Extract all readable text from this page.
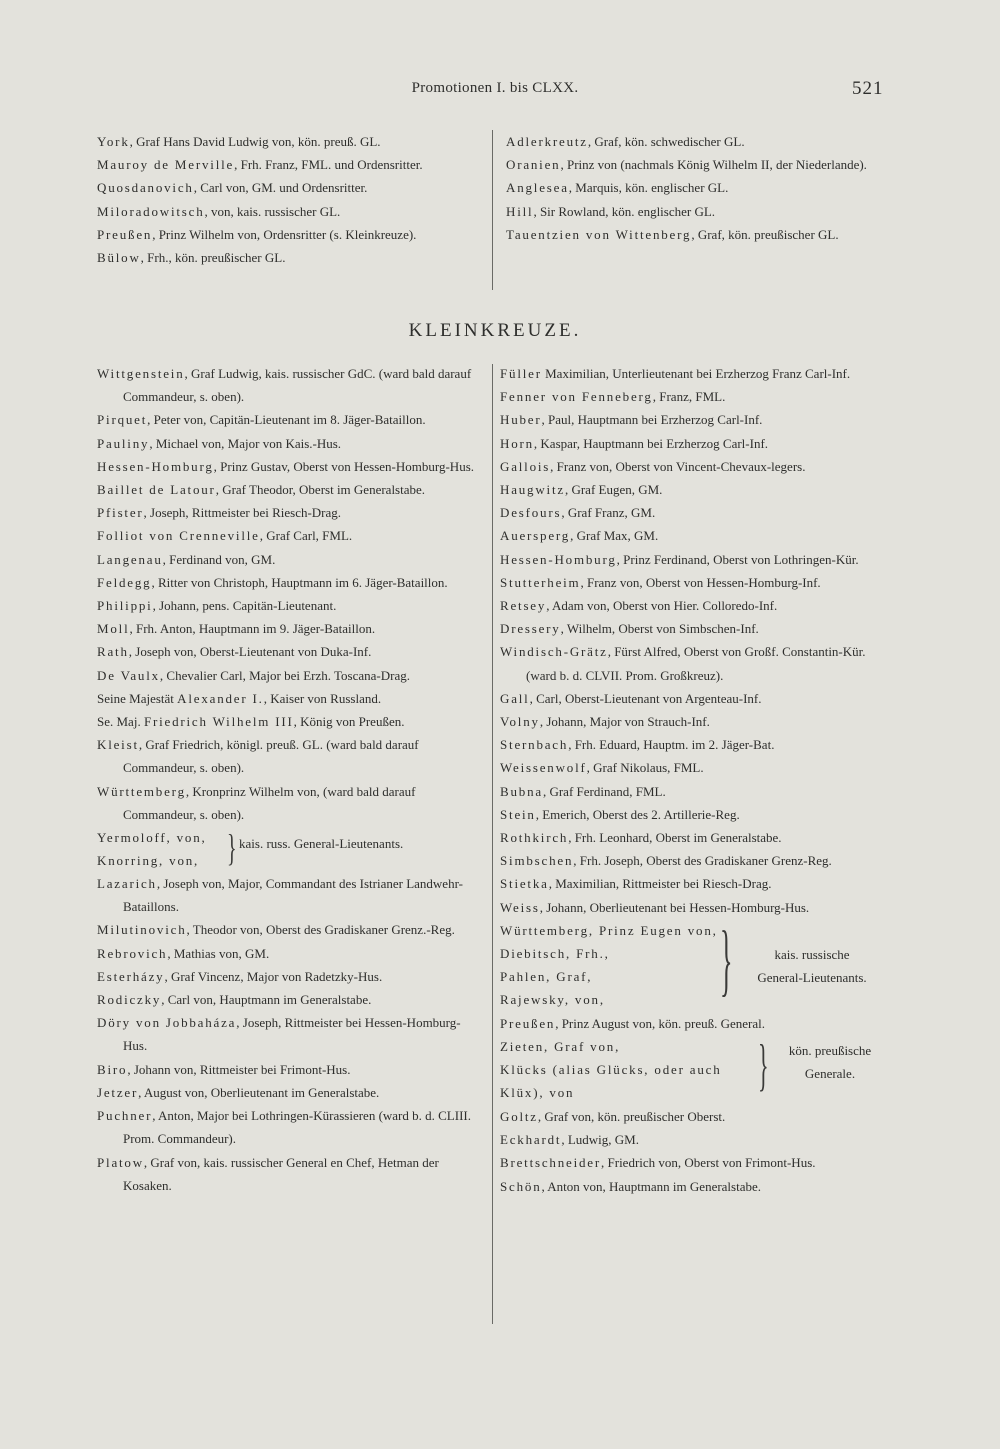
Promotionen I. bis CLXX.	521

York, Graf Hans David Ludwig von, kön. preuß. GL.

Mauroy de Merville, Frh. Franz, FML. und Ordensritter.

Quosdanovich, Carl von, GM. und Ordensritter.

Miloradowitsch, von, kais. russischer GL.

Preußen, Prinz Wilhelm von, Ordensritter (s. Kleinkreuze).

Bülow, Frh., kön. preußischer GL.

Adlerkreutz, Graf, kön. schwedischer GL.

Oranien, Prinz von (nachmals König Wilhelm II, der Niederlande).

Anglesea, Marquis, kön. englischer GL.

Hill, Sir Rowland, kön. englischer GL.

Tauentzien von Wittenberg, Graf, kön. preußischer GL.

KLEINKREUZE.

Wittgenstein, Graf Ludwig, kais. russischer GdC. (ward bald darauf Commandeur, s. oben).

Pirquet, Peter von, Capitän-Lieutenant im 8. Jäger-Bataillon.

Pauliny, Michael von, Major von Kais.-Hus.

Hessen-Homburg, Prinz Gustav, Oberst von Hessen-Homburg-Hus.

Baillet de Latour, Graf Theodor, Oberst im Generalstabe.

Pfister, Joseph, Rittmeister bei Riesch-Drag.

Folliot von Crenneville, Graf Carl, FML.

Langenau, Ferdinand von, GM.

Feldegg, Ritter von Christoph, Hauptmann im 6. Jäger-Bataillon.

Philippi, Johann, pens. Capitän-Lieutenant.

Moll, Frh. Anton, Hauptmann im 9. Jäger-Bataillon.

Rath, Joseph von, Oberst-Lieutenant von Duka-Inf.

De Vaulx, Chevalier Carl, Major bei Erzh. Toscana-Drag.

Seine Majestät Alexander I., Kaiser von Russland.

Se. Maj. Friedrich Wilhelm III, König von Preußen.

Kleist, Graf Friedrich, königl. preuß. GL. (ward bald darauf Commandeur, s. oben).

Württemberg, Kronprinz Wilhelm von, (ward bald darauf Commandeur, s. oben).

Yermoloff, von,

Knorring, von,	} kais. russ. General-Lieutenants.

Lazarich, Joseph von, Major, Commandant des Istrianer Landwehr-Bataillons.

Milutinovich, Theodor von, Oberst des Gradiskaner Grenz.-Reg.

Rebrovich, Mathias von, GM.

Esterházy, Graf Vincenz, Major von Radetzky-Hus.

Rodiczky, Carl von, Hauptmann im Generalstabe.

Döry von Jobbaháza, Joseph, Rittmeister bei Hessen-Homburg-Hus.

Biro, Johann von, Rittmeister bei Frimont-Hus.

Jetzer, August von, Oberlieutenant im Generalstabe.

Puchner, Anton, Major bei Lothringen-Kürassieren (ward b. d. CLIII. Prom. Commandeur).

Platow, Graf von, kais. russischer General en Chef, Hetman der Kosaken.

Füller Maximilian, Unterlieutenant bei Erzherzog Franz Carl-Inf.

Fenner von Fenneberg, Franz, FML.

Huber, Paul, Hauptmann bei Erzherzog Carl-Inf.

Horn, Kaspar, Hauptmann bei Erzherzog Carl-Inf.

Gallois, Franz von, Oberst von Vincent-Chevaux-legers.

Haugwitz, Graf Eugen, GM.

Desfours, Graf Franz, GM.

Auersperg, Graf Max, GM.

Hessen-Homburg, Prinz Ferdinand, Oberst von Lothringen-Kür.

Stutterheim, Franz von, Oberst von Hessen-Homburg-Inf.

Retsey, Adam von, Oberst von Hier. Colloredo-Inf.

Dressery, Wilhelm, Oberst von Simbschen-Inf.

Windisch-Grätz, Fürst Alfred, Oberst von Großf. Constantin-Kür. (ward b. d. CLVII. Prom. Großkreuz).

Gall, Carl, Oberst-Lieutenant von Argenteau-Inf.

Volny, Johann, Major von Strauch-Inf.

Sternbach, Frh. Eduard, Hauptm. im 2. Jäger-Bat.

Weissenwolf, Graf Nikolaus, FML.

Bubna, Graf Ferdinand, FML.

Stein, Emerich, Oberst des 2. Artillerie-Reg.

Rothkirch, Frh. Leonhard, Oberst im Generalstabe.

Simbschen, Frh. Joseph, Oberst des Gradiskaner Grenz-Reg.

Stietka, Maximilian, Rittmeister bei Riesch-Drag.

Weiss, Johann, Oberlieutenant bei Hessen-Homburg-Hus.

Württemberg, Prinz Eugen von,

Diebitsch, Frh.,

Pahlen, Graf,

Rajewsky, von,	}	kais. russische
General-Lieutenants.

Preußen, Prinz August von, kön. preuß. General.

Zieten, Graf von,

Klücks (alias Glücks, oder auch

Klüx), von	}	kön. preußische
Generale.

Goltz, Graf von, kön. preußischer Oberst.

Eckhardt, Ludwig, GM.

Brettschneider, Friedrich von, Oberst von Frimont-Hus.

Schön, Anton von, Hauptmann im Generalstabe.
